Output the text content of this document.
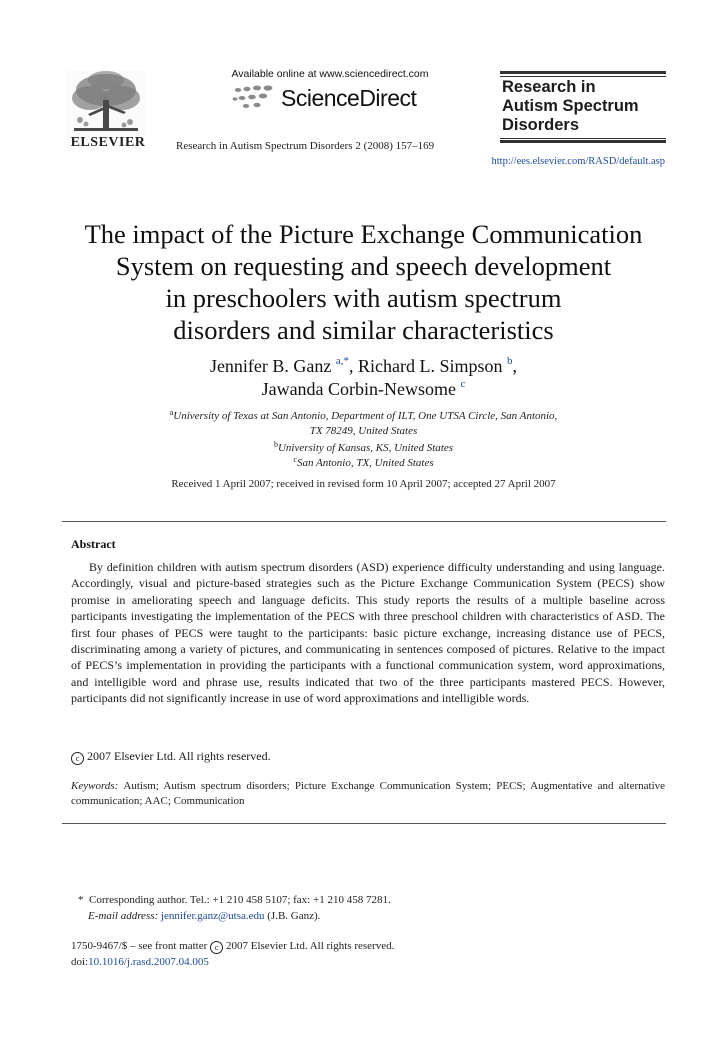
ELSEVIER
Available online at www.sciencedirect.com
ScienceDirect
Research in Autism Spectrum Disorders 2 (2008) 157–169
http://ees.elsevier.com/RASD/default.asp
Research in
Autism Spectrum
Disorders
The impact of the Picture Exchange Communication
System on requesting and speech development
in preschoolers with autism spectrum
disorders and similar characteristics
Jennifer B. Ganz $^{a,*}$, Richard L. Simpson $^b$,
Jawanda Corbin-Newsome $^c$
$^a$University of Texas at San Antonio, Department of ILT, One UTSA Circle, San Antonio,
TX 78249, United States
$^b$University of Kansas, KS, United States
$^c$San Antonio, TX, United States
Received 1 April 2007; received in revised form 10 April 2007; accepted 27 April 2007
Abstract

By definition children with autism spectrum disorders (ASD) experience difficulty understanding and using language. Accordingly, visual and picture-based strategies such as the Picture Exchange Communication System (PECS) show promise in ameliorating speech and language deficits. This study reports the results of a multiple baseline across participants investigating the implementation of the PECS with three preschool children with characteristics of ASD. The first four phases of PECS were taught to the participants: basic picture exchange, increasing distance use of PECS, discriminating among a variety of pictures, and communicating in sentences composed of pictures. Relative to the impact of PECS’s implementation in providing the participants with a functional communication system, word approximations, and intelligible word and phrase use, results indicated that two of the three participants mastered PECS. However, participants did not significantly increase in use of word approximations and intelligible words.

c 2007 Elsevier Ltd. All rights reserved.

Keywords: Autism; Autism spectrum disorders; Picture Exchange Communication System; PECS; Augmentative and alternative communication; AAC; Communication

* Corresponding author. Tel.: +1 210 458 5107; fax: +1 210 458 7281.
E-mail address: jennifer.ganz@utsa.edu (J.B. Ganz).
1750-9467/$ – see front matter c 2007 Elsevier Ltd. All rights reserved.
doi:10.1016/j.rasd.2007.04.005
